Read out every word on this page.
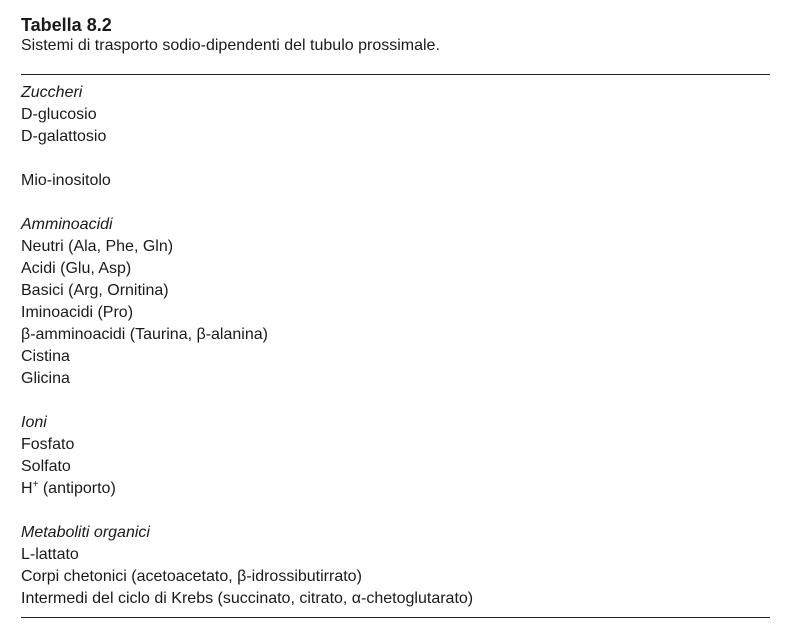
Tabella 8.2
Sistemi di trasporto sodio-dipendenti del tubulo prossimale.
Zuccheri
D-glucosio
D-galattosio
Mio-inositolo
Amminoacidi
Neutri (Ala, Phe, Gln)
Acidi (Glu, Asp)
Basici (Arg, Ornitina)
Iminoacidi (Pro)
β-amminoacidi (Taurina, β-alanina)
Cistina
Glicina
Ioni
Fosfato
Solfato
H+ (antiporto)
Metaboliti organici
L-lattato
Corpi chetonici (acetoacetato, β-idrossibutirrato)
Intermedi del ciclo di Krebs (succinato, citrato, α-chetoglutarato)
